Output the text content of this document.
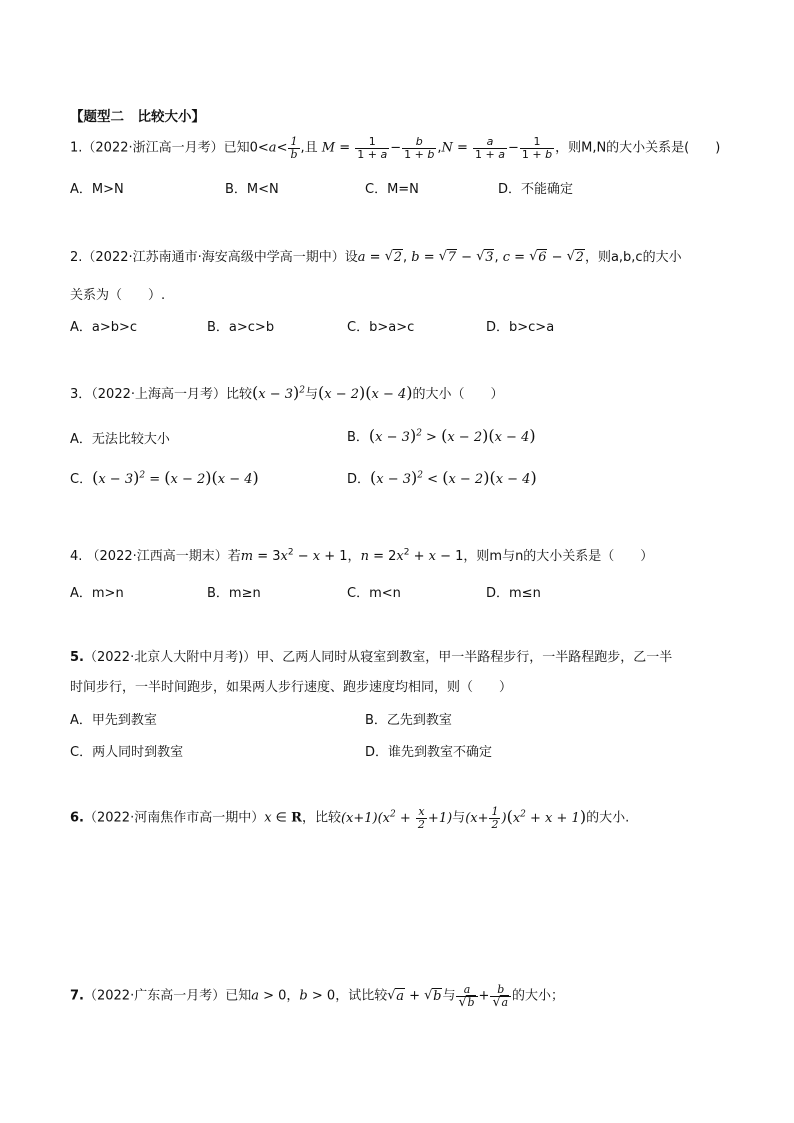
【题型二　比较大小】
1.（2022·浙江高一月考）已知$0<a< \frac{1}{b}$ ,且 $M = \frac{1}{1 + a} - \frac{b}{1 + b} ,N = \frac{a}{1 + a} - \frac{1}{1 + b}$ ，则M,N的大小关系是(　　)
A．M>N	B．M<N	C．M=N	D．不能确定
2.（2022·江苏南通市·海安高级中学高一期中）设a = √ 2, b = √ 7 − √ 3, c = √ 6 − √ 2，则a,b,c的大小
关系为（　　）.
A．a>b>c	B．a>c>b	C．b>a>c	D．b>c>a
3．（2022·上海高一月考）比较$(x - 3)^2$与(x − 2)(x − 4)的大小（　　）
A．无法比较大小	B．$(x - 3)^2 > (x - 2)(x - 4)$
C．$(x - 3)^2 = (x - 2)(x - 4)$	D．$(x - 3)^2 < (x - 2)(x - 4)$
4. （2022·江西高一期末）若$m = 3x^2 - x + 1$，$n = 2x^2 + x - 1$，则m与n的大小关系是（　　）
A．m>n	B．m≥n	C．m<n	D．m≤n
5.（2022·北京人大附中月考)）甲、乙两人同时从寝室到教室，甲一半路程步行，一半路程跑步，乙一半
时间步行，一半时间跑步，如果两人步行速度、跑步速度均相同，则（　　）
A．甲先到教室	B．乙先到教室
C．两人同时到教室	D．谁先到教室不确定
6.（2022·河南焦作市高一期中）x ∈ R，比较$(x+1)(x^2 + \frac{x}{2} +1)$与$(x+ \frac{1}{2} )(x^2 + x + 1)$的大小.
7.（2022·广东高一月考）已知a > 0，b > 0，试比较√ a + √ b与 a
√ b + b
√ a 的大小；
